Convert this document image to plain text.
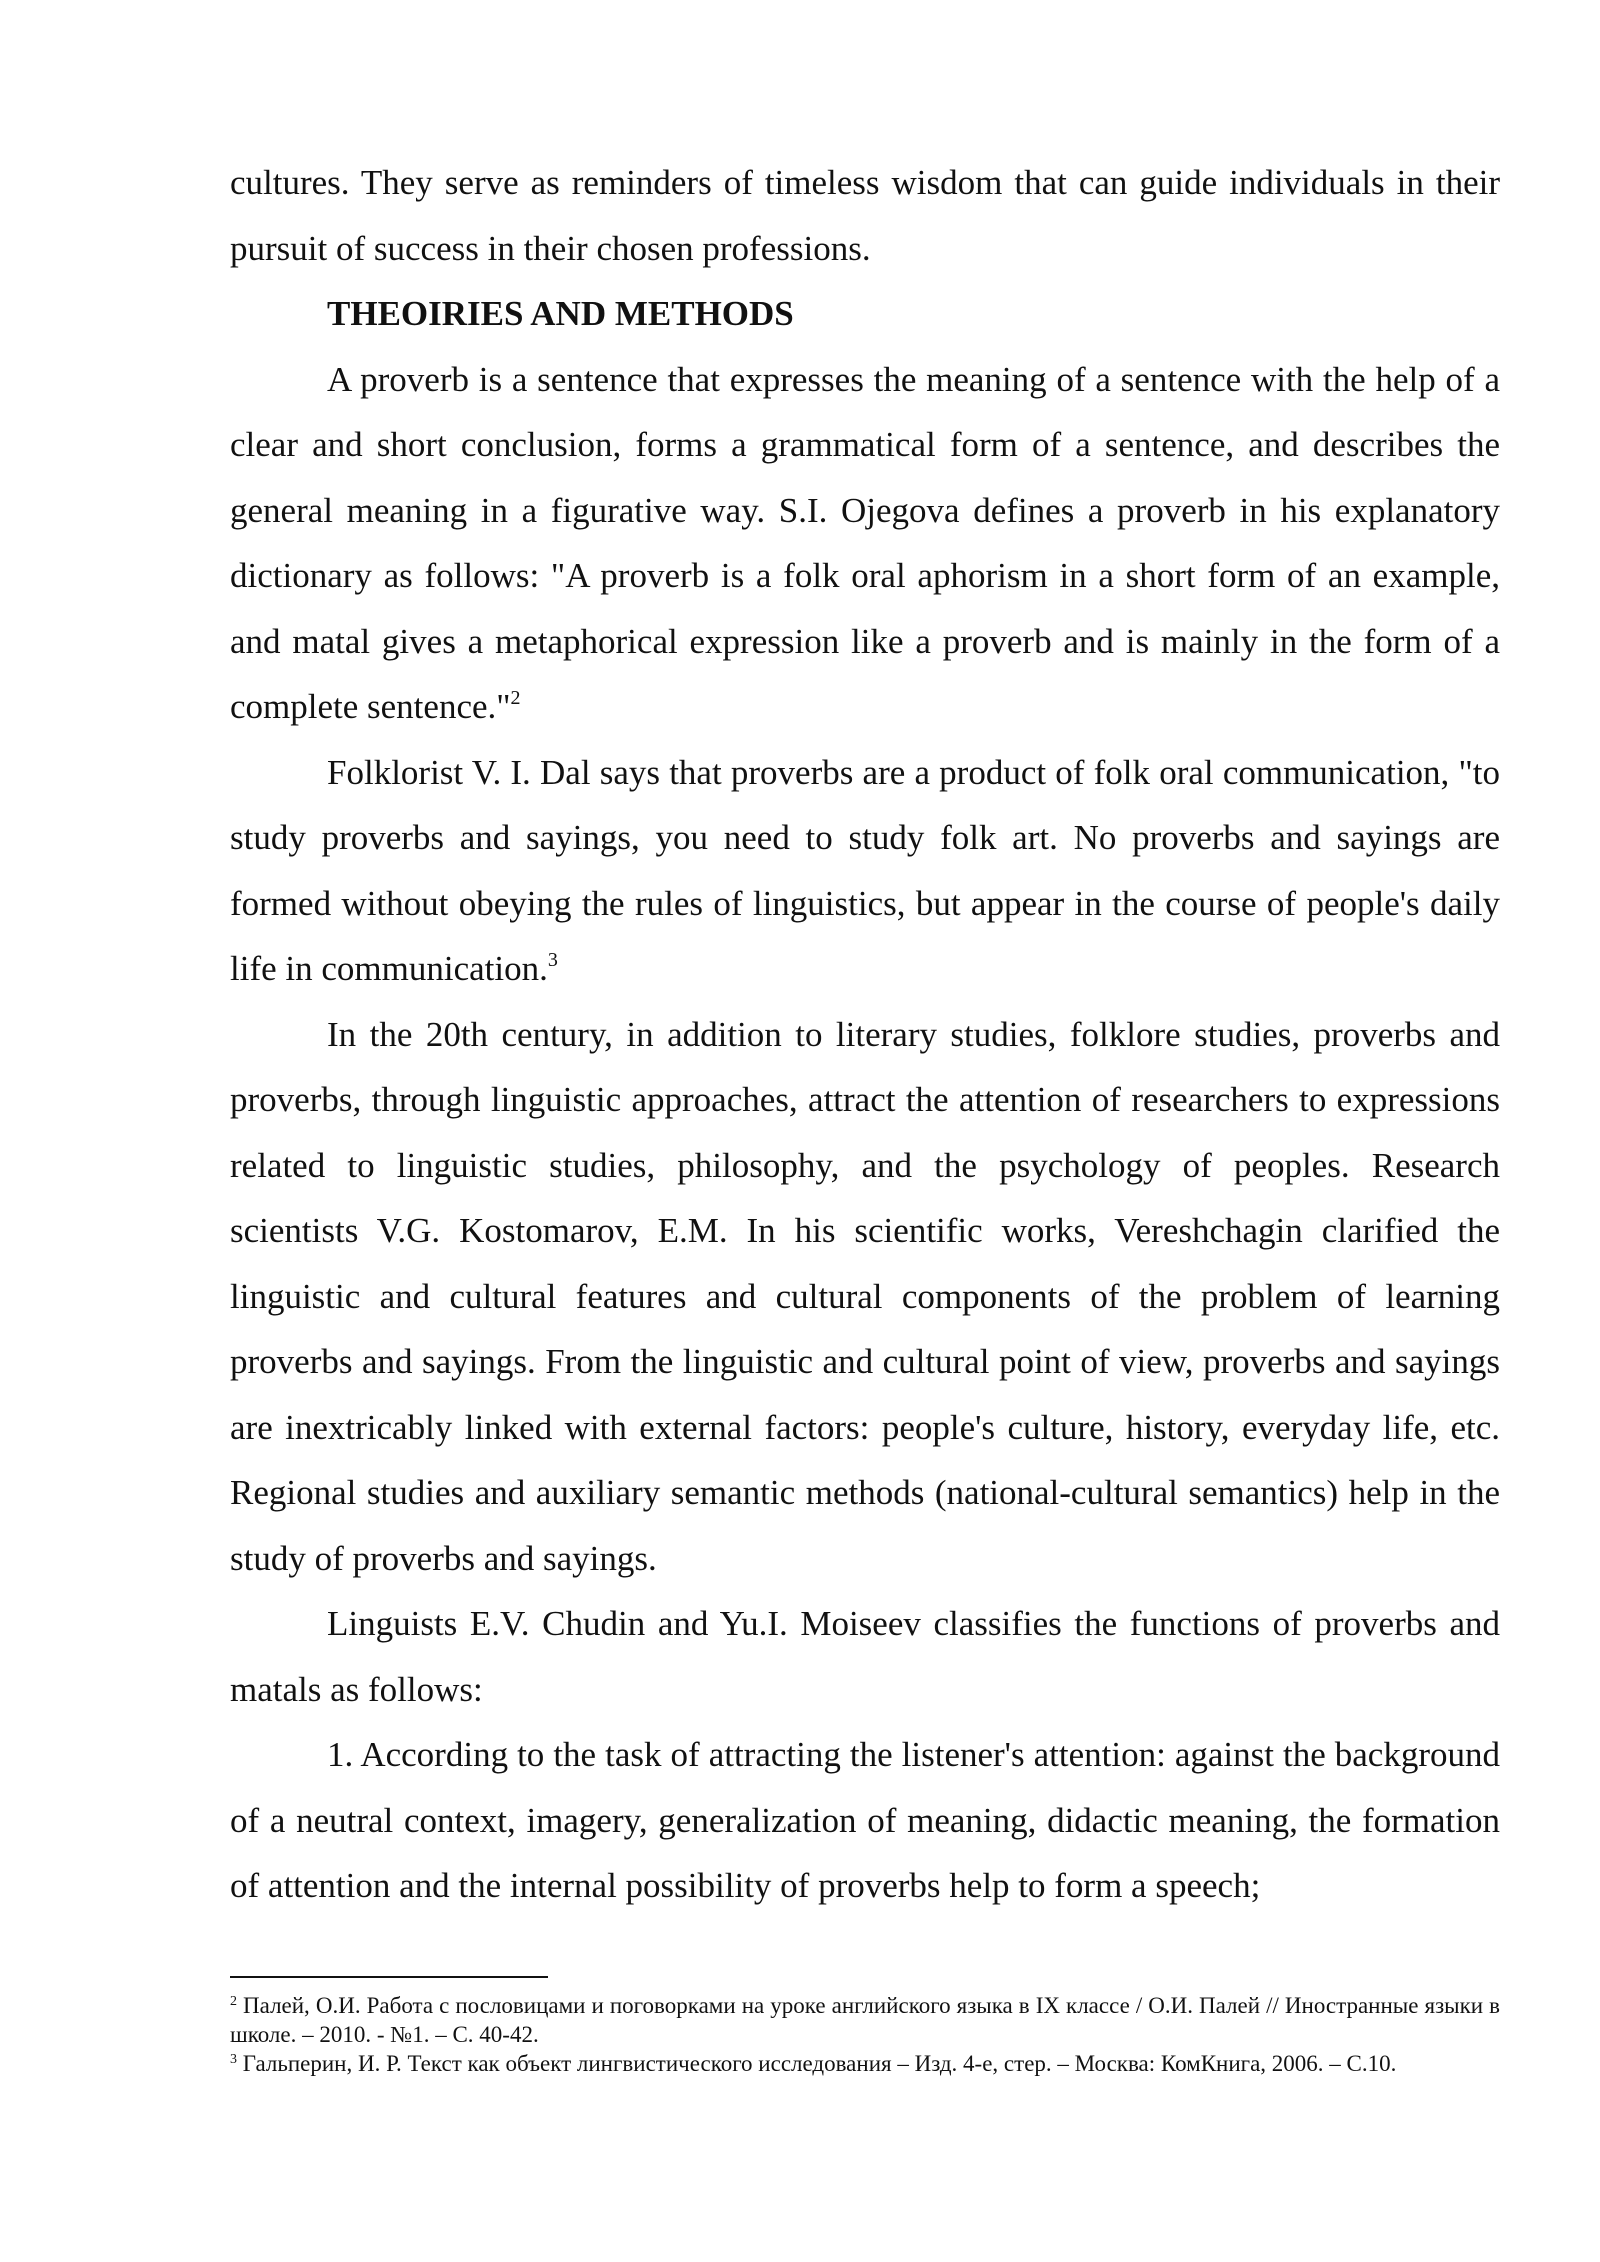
cultures. They serve as reminders of timeless wisdom that can guide individuals in their pursuit of success in their chosen professions.

THEOIRIES AND METHODS

A proverb is a sentence that expresses the meaning of a sentence with the help of a clear and short conclusion, forms a grammatical form of a sentence, and describes the general meaning in a figurative way. S.I. Ojegova defines a proverb in his explanatory dictionary as follows: "A proverb is a folk oral aphorism in a short form of an example, and matal gives a metaphorical expression like a proverb and is mainly in the form of a complete sentence."$^2$

Folklorist V. I. Dal says that proverbs are a product of folk oral communication, "to study proverbs and sayings, you need to study folk art. No proverbs and sayings are formed without obeying the rules of linguistics, but appear in the course of people's daily life in communication.$^3$

In the 20th century, in addition to literary studies, folklore studies, proverbs and proverbs, through linguistic approaches, attract the attention of researchers to expressions related to linguistic studies, philosophy, and the psychology of peoples. Research scientists V.G. Kostomarov, E.M. In his scientific works, Vereshchagin clarified the linguistic and cultural features and cultural components of the problem of learning proverbs and sayings. From the linguistic and cultural point of view, proverbs and sayings are inextricably linked with external factors: people's culture, history, everyday life, etc. Regional studies and auxiliary semantic methods (national-cultural semantics) help in the study of proverbs and sayings.

Linguists E.V. Chudin and Yu.I. Moiseev classifies the functions of proverbs and matals as follows:

1. According to the task of attracting the listener's attention: against the background of a neutral context, imagery, generalization of meaning, didactic meaning, the formation of attention and the internal possibility of proverbs help to form a speech;

$^2$ Палей, О.И. Работа с пословицами и поговорками на уроке английского языка в IX классе / О.И. Палей // Иностранные языки в школе. – 2010. - №1. – С. 40-42.

$^3$ Гальперин, И. Р. Текст как объект лингвистического исследования – Изд. 4-е, стер. – Москва: КомКнига, 2006. – С.10.
